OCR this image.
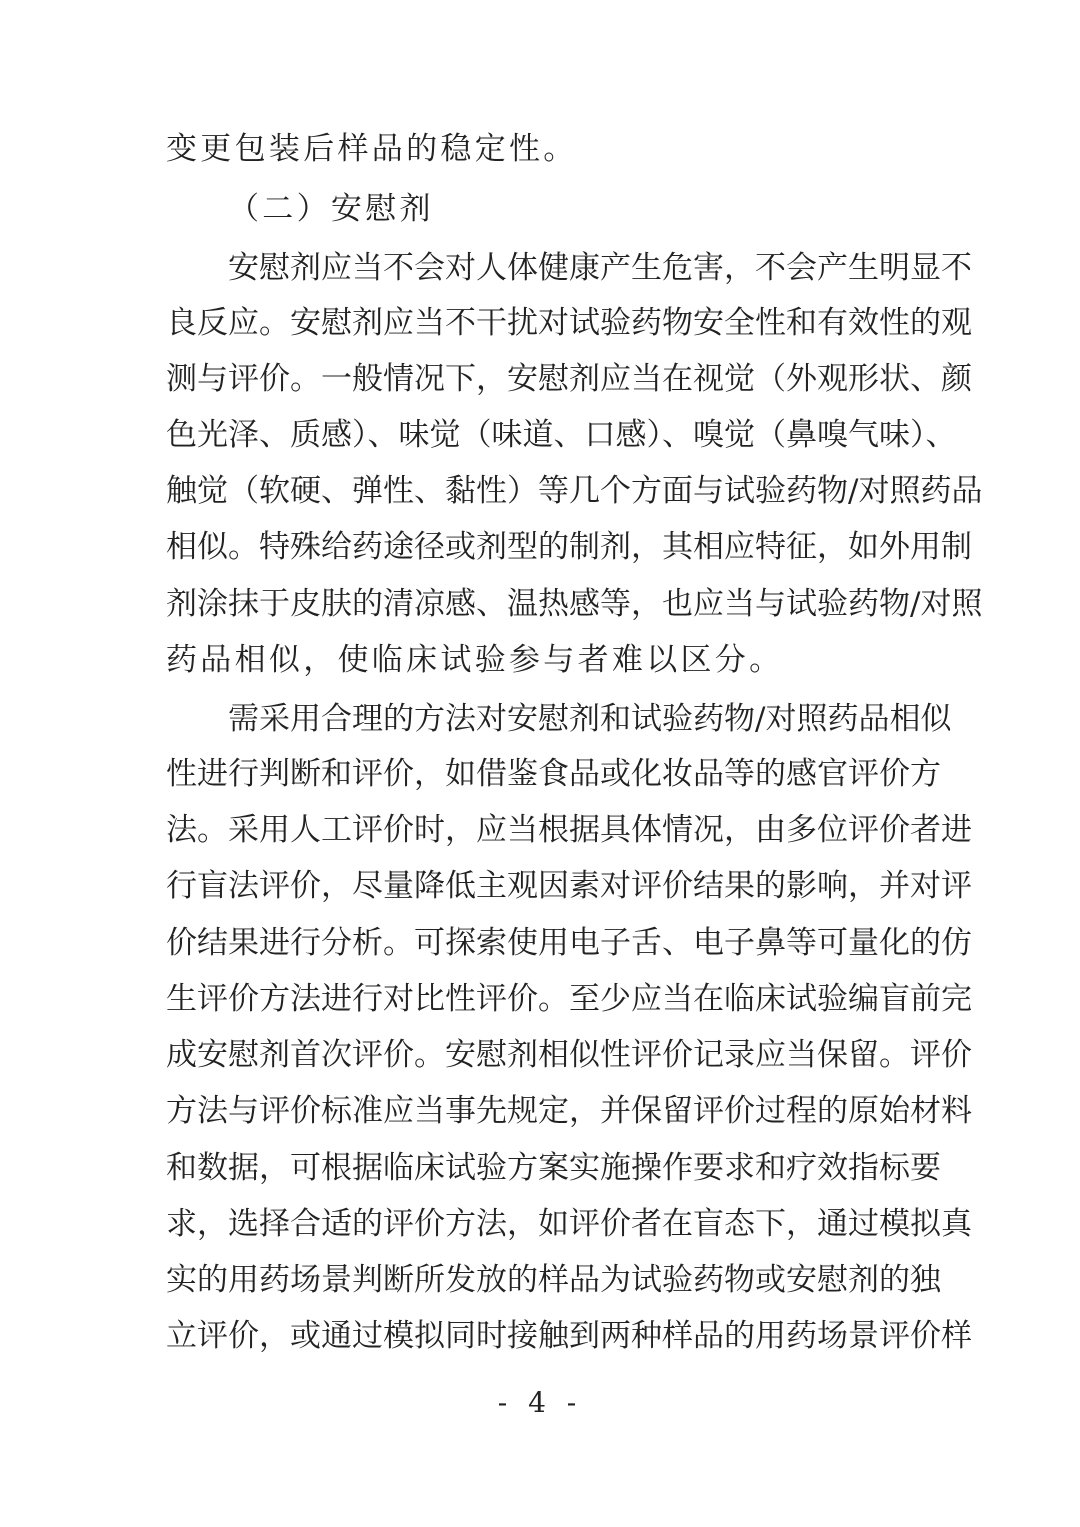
变更包装后样品的稳定性。
（二）安慰剂
安慰剂应当不会对人体健康产生危害，不会产生明显不
良反应。安慰剂应当不干扰对试验药物安全性和有效性的观
测与评价。一般情况下，安慰剂应当在视觉（外观形状、颜
色光泽、质感）、味觉（味道、口感）、嗅觉（鼻嗅气味）、
触觉（软硬、弹性、黏性）等几个方面与试验药物/对照药品
相似。特殊给药途径或剂型的制剂，其相应特征，如外用制
剂涂抹于皮肤的清凉感、温热感等，也应当与试验药物/对照
药品相似，使临床试验参与者难以区分。
需采用合理的方法对安慰剂和试验药物/对照药品相似
性进行判断和评价，如借鉴食品或化妆品等的感官评价方
法。采用人工评价时，应当根据具体情况，由多位评价者进
行盲法评价，尽量降低主观因素对评价结果的影响，并对评
价结果进行分析。可探索使用电子舌、电子鼻等可量化的仿
生评价方法进行对比性评价。至少应当在临床试验编盲前完
成安慰剂首次评价。安慰剂相似性评价记录应当保留。评价
方法与评价标准应当事先规定，并保留评价过程的原始材料
和数据，可根据临床试验方案实施操作要求和疗效指标要
求，选择合适的评价方法，如评价者在盲态下，通过模拟真
实的用药场景判断所发放的样品为试验药物或安慰剂的独
立评价，或通过模拟同时接触到两种样品的用药场景评价样
- 4 -
